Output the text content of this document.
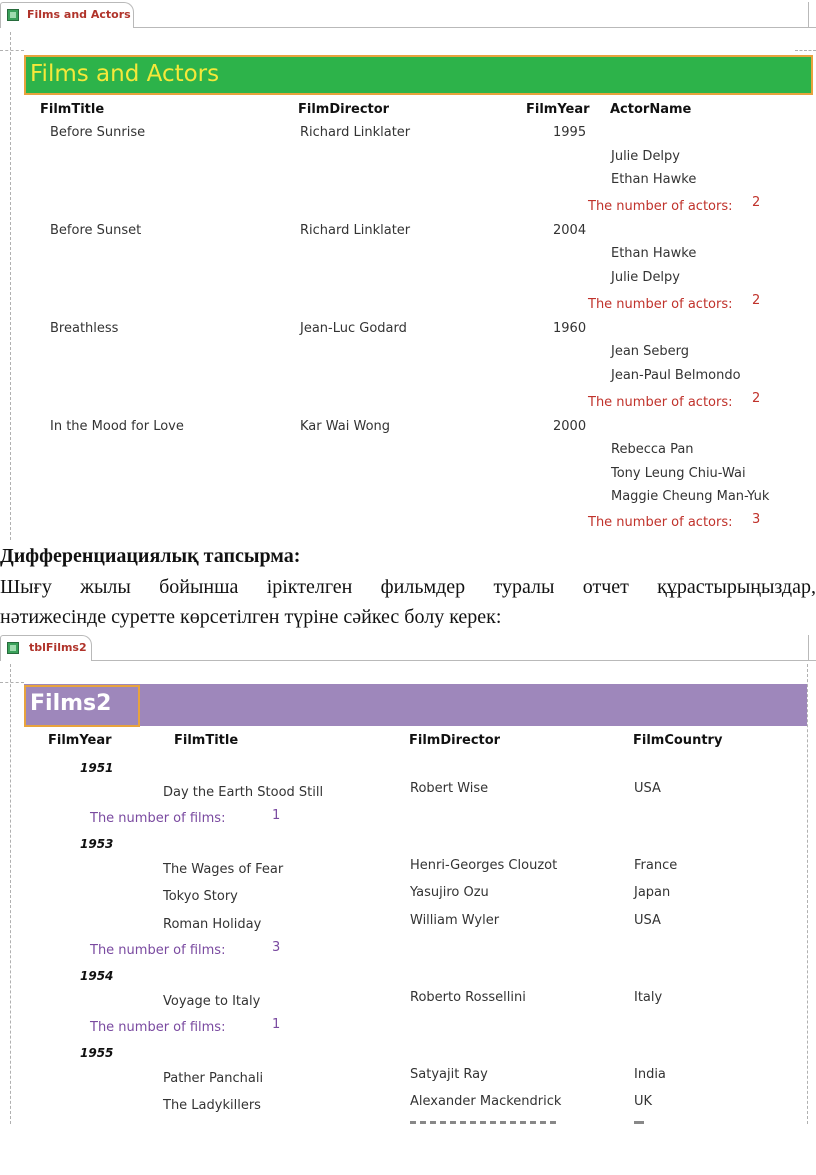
Films and Actors
Films and Actors
FilmTitle	FilmDirector	FilmYear ActorName
Before Sunrise	Richard Linklater	1995
Julie Delpy
Ethan Hawke
The number of actors: 2
Before Sunset	Richard Linklater	2004
Ethan Hawke
Julie Delpy
The number of actors: 2
Breathless	Jean-Luc Godard	1960
Jean Seberg
Jean-Paul Belmondo
The number of actors: 2
In the Mood for Love	Kar Wai Wong	2000
Rebecca Pan
Tony Leung Chiu-Wai
Maggie Cheung Man-Yuk
The number of actors: 3
Дифференциациялық тапсырма:
Шығу жылы бойынша іріктелген фильмдер туралы отчет құрастырыңыздар,
нәтижесінде суретте көрсетілген түріне сәйкес болу керек:
tblFilms2
Films2
FilmYear	FilmTitle	FilmDirector	FilmCountry
1951
Day the Earth Stood Still	Robert Wise	USA
The number of films:	1
1953
The Wages of Fear	Henri-Georges Clouzot	France
Tokyo Story	Yasujiro Ozu	Japan
Roman Holiday	William Wyler	USA
The number of films:	3
1954
Voyage to Italy	Roberto Rossellini	Italy
The number of films:	1
1955
Pather Panchali	Satyajit Ray	India
The Ladykillers	Alexander Mackendrick	UK
